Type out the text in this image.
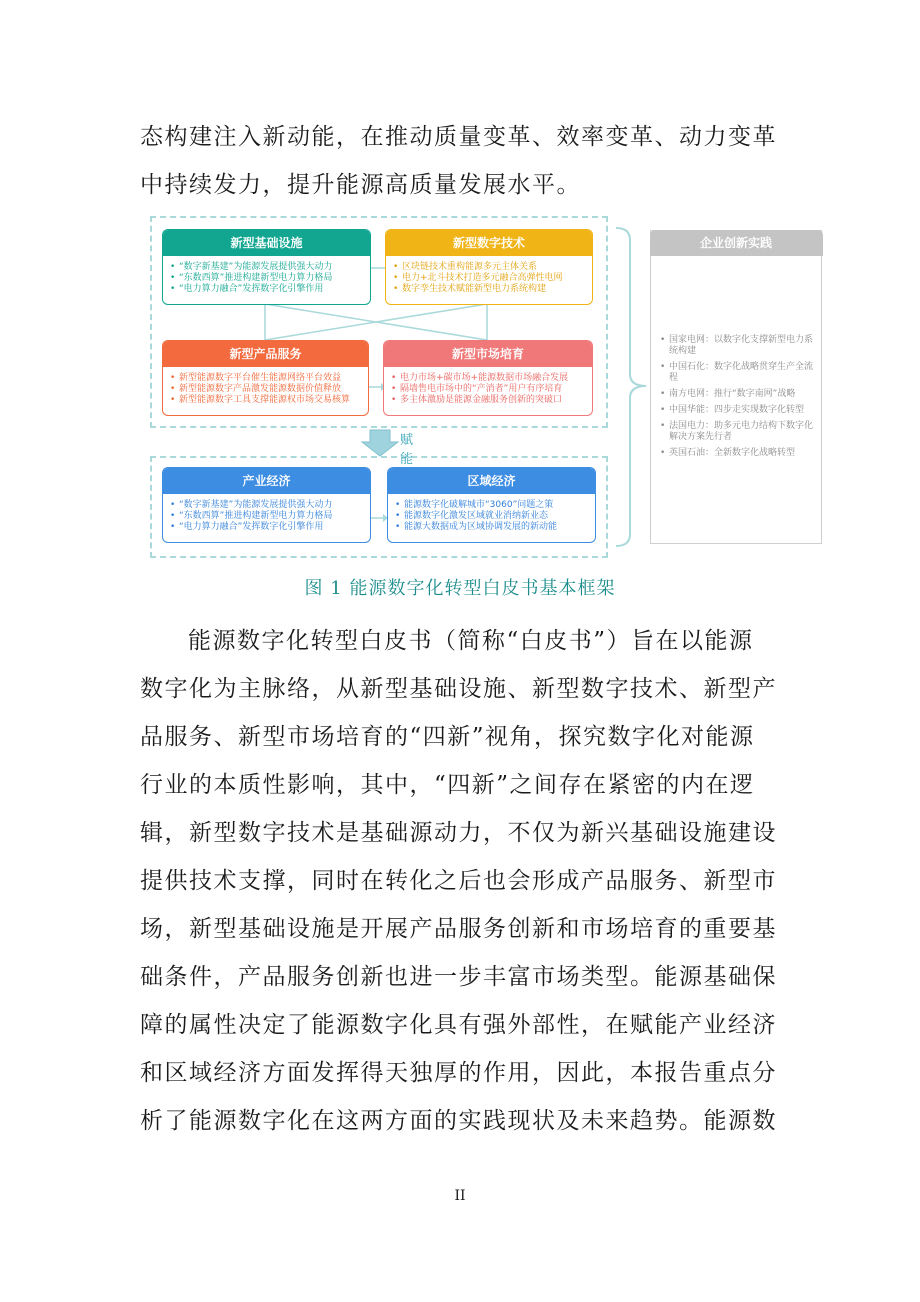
态构建注入新动能，在推动质量变革、效率变革、动力变革
中持续发力，提升能源高质量发展水平。
新型基础设施
• “数字新基建”为能源发展提供强大动力
• “东数西算”推进构建新型电力算力格局
• “电力算力融合”发挥数字化引擎作用
新型数字技术
• 区块链技术重构能源多元主体关系
• 电力+北斗技术打造多元融合高弹性电网
• 数字孪生技术赋能新型电力系统构建
新型产品服务
• 新型能源数字平台催生能源网络平台效益
• 新型能源数字产品激发能源数据价值释放
• 新型能源数字工具支撑能源权市场交易核算
新型市场培育
• 电力市场+碳市场+能源数据市场融合发展
• 隔墙售电市场中的“产消者”用户有序培育
• 多主体激励是能源金融服务创新的突破口
赋能
产业经济
• “数字新基建”为能源发展提供强大动力
• “东数西算”推进构建新型电力算力格局
• “电力算力融合”发挥数字化引擎作用
区域经济
• 能源数字化破解城市“3060”问题之策
• 能源数字化激发区域就业消纳新业态
• 能源大数据成为区域协调发展的新动能
企业创新实践
• 国家电网：以数字化支撑新型电力系统构建
• 中国石化：数字化战略贯穿生产全流程
• 南方电网：推行“数字南网”战略
• 中国华能：四步走实现数字化转型
• 法国电力：助多元电力结构下数字化解决方案先行者
• 英国石油：全新数字化战略转型
图 1 能源数字化转型白皮书基本框架
能源数字化转型白皮书（简称“白皮书”）旨在以能源
数字化为主脉络，从新型基础设施、新型数字技术、新型产
品服务、新型市场培育的“四新”视角，探究数字化对能源
行业的本质性影响，其中，“四新”之间存在紧密的内在逻
辑，新型数字技术是基础源动力，不仅为新兴基础设施建设
提供技术支撑，同时在转化之后也会形成产品服务、新型市
场，新型基础设施是开展产品服务创新和市场培育的重要基
础条件，产品服务创新也进一步丰富市场类型。能源基础保
障的属性决定了能源数字化具有强外部性，在赋能产业经济
和区域经济方面发挥得天独厚的作用，因此，本报告重点分
析了能源数字化在这两方面的实践现状及未来趋势。能源数
II
